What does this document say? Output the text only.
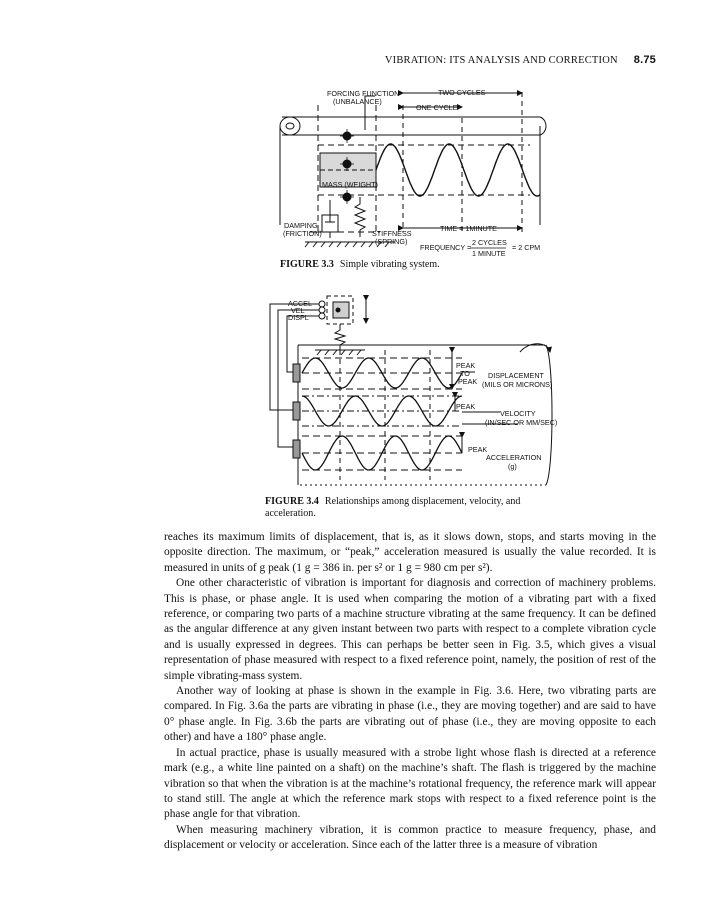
VIBRATION: ITS ANALYSIS AND CORRECTION 8.75
FORCING FUNCTION
(UNBALANCE)
TWO CYCLES
ONE CYCLE
MASS (WEIGHT)
DAMPING
(FRICTION)	STIFFNESS
(SPRING)
TIME = 1MINUTE
FREQUENCY =
2 CYCLES
1 MINUTE
= 2 CPM
ACCEL
VEL
DISPL
PEAK
TO
PEAK
DISPLACEMENT
(MILS OR MICRONS)
PEAK
VELOCITY
(IN/SEC OR MM/SEC)
PEAK
ACCELERATION
(g)
FIGURE 3.3 Simple vibrating system.
FIGURE 3.4 Relationships among displacement, velocity, and
acceleration.

reaches its maximum limits of displacement, that is, as it slows down, stops, and starts moving in the opposite direction. The maximum, or “peak,” acceleration measured is usually the value recorded. It is measured in units of g peak (1 g = 386 in. per s² or 1 g = 980 cm per s²).

One other characteristic of vibration is important for diagnosis and correction of machinery problems. This is phase, or phase angle. It is used when comparing the motion of a vibrating part with a fixed reference, or comparing two parts of a machine structure vibrating at the same frequency. It can be defined as the angular difference at any given instant between two parts with respect to a complete vibration cycle and is usually expressed in degrees. This can perhaps be better seen in Fig. 3.5, which gives a visual representation of phase measured with respect to a fixed reference point, namely, the position of rest of the simple vibrating-mass system.

Another way of looking at phase is shown in the example in Fig. 3.6. Here, two vibrating parts are compared. In Fig. 3.6a the parts are vibrating in phase (i.e., they are moving together) and are said to have 0° phase angle. In Fig. 3.6b the parts are vibrating out of phase (i.e., they are moving opposite to each other) and have a 180° phase angle.

In actual practice, phase is usually measured with a strobe light whose flash is directed at a reference mark (e.g., a white line painted on a shaft) on the machine’s shaft. The flash is triggered by the machine vibration so that when the vibration is at the machine’s rotational frequency, the reference mark will appear to stand still. The angle at which the reference mark stops with respect to a fixed reference point is the phase angle for that vibration.

When measuring machinery vibration, it is common practice to measure frequency, phase, and displacement or velocity or acceleration. Since each of the latter three is a measure of vibration
